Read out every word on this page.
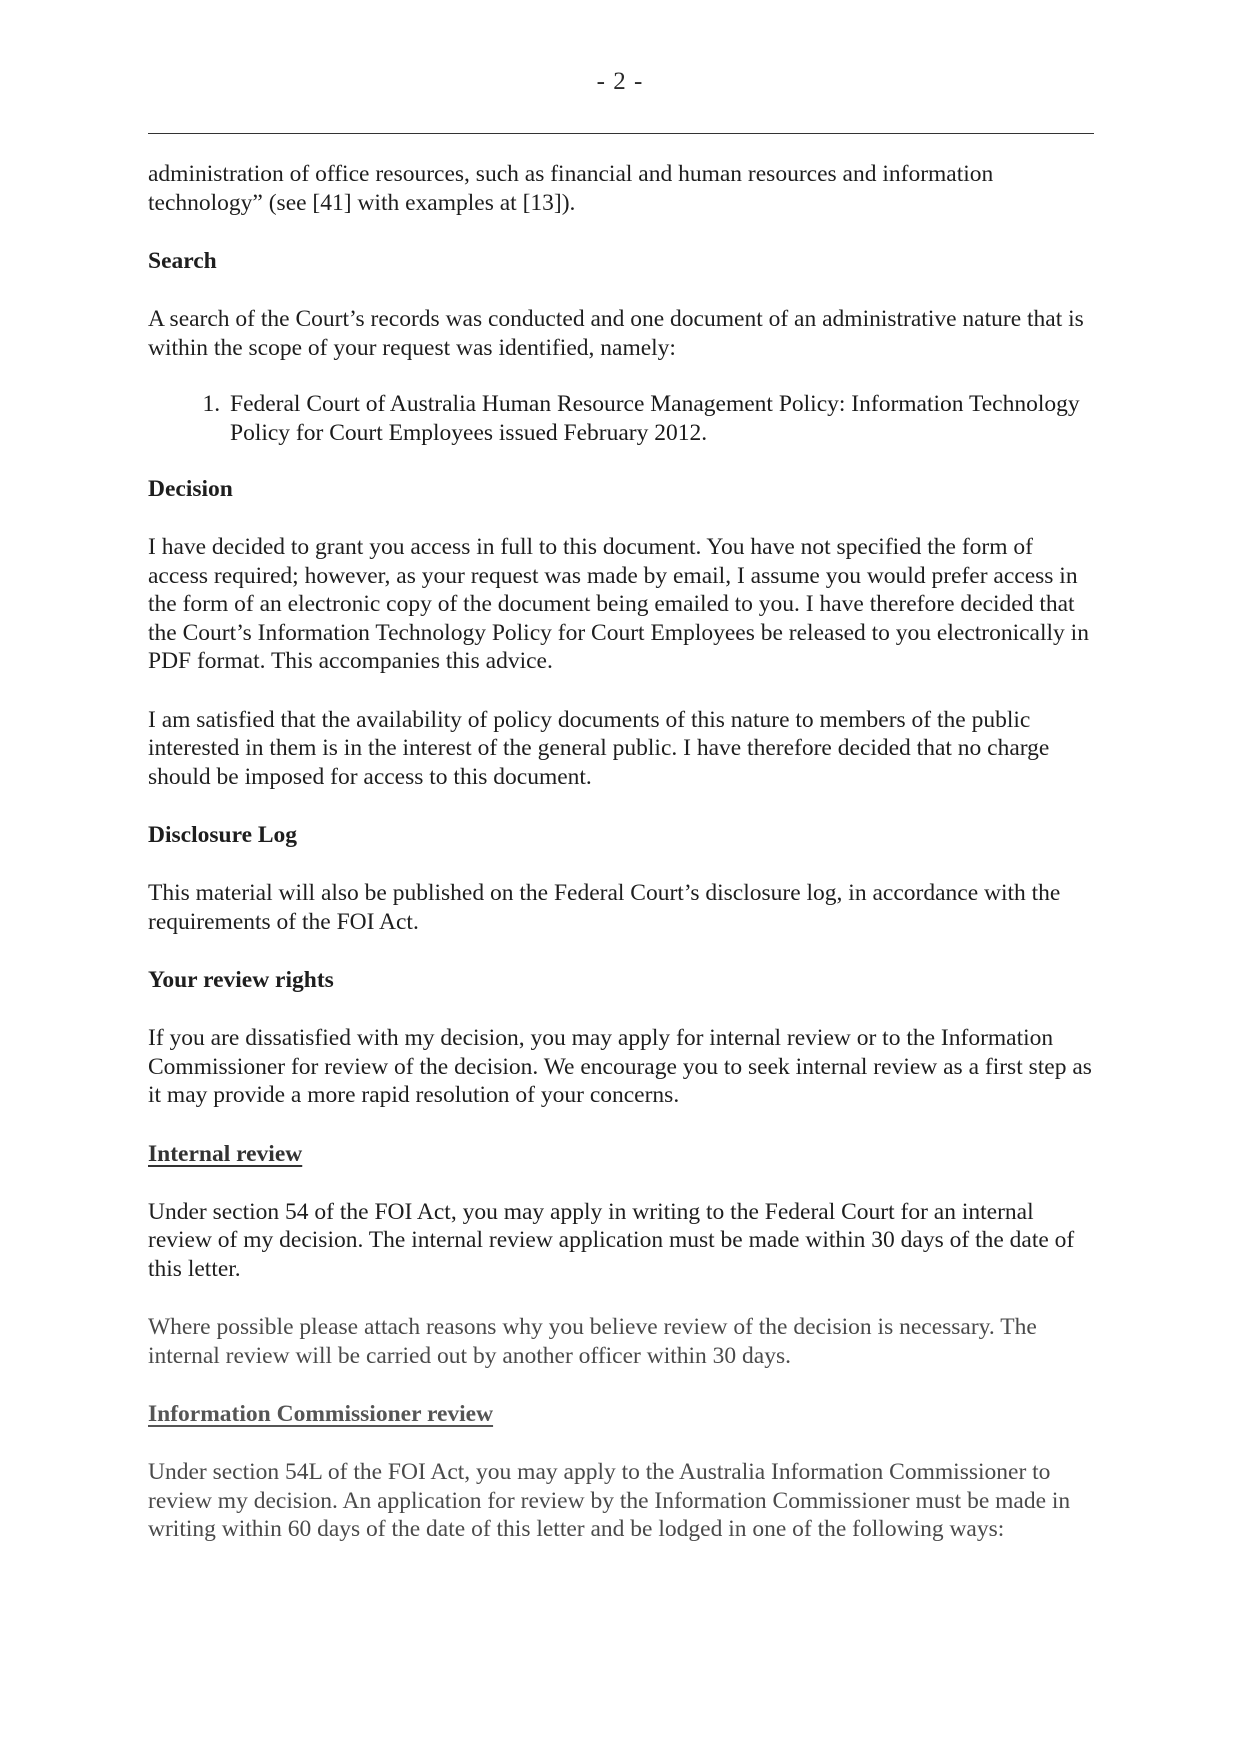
- 2 -

administration of office resources, such as financial and human resources and information technology” (see [41] with examples at [13]).

Search

A search of the Court’s records was conducted and one document of an administrative nature that is within the scope of your request was identified, namely:

1. Federal Court of Australia Human Resource Management Policy: Information Technology Policy for Court Employees issued February 2012.
Decision

I have decided to grant you access in full to this document. You have not specified the form of access required; however, as your request was made by email, I assume you would prefer access in the form of an electronic copy of the document being emailed to you. I have therefore decided that the Court’s Information Technology Policy for Court Employees be released to you electronically in PDF format. This accompanies this advice.

I am satisfied that the availability of policy documents of this nature to members of the public interested in them is in the interest of the general public. I have therefore decided that no charge should be imposed for access to this document.

Disclosure Log

This material will also be published on the Federal Court’s disclosure log, in accordance with the requirements of the FOI Act.

Your review rights

If you are dissatisfied with my decision, you may apply for internal review or to the Information Commissioner for review of the decision. We encourage you to seek internal review as a first step as it may provide a more rapid resolution of your concerns.

Internal review

Under section 54 of the FOI Act, you may apply in writing to the Federal Court for an internal review of my decision. The internal review application must be made within 30 days of the date of this letter.

Where possible please attach reasons why you believe review of the decision is necessary. The internal review will be carried out by another officer within 30 days.

Information Commissioner review

Under section 54L of the FOI Act, you may apply to the Australia Information Commissioner to review my decision. An application for review by the Information Commissioner must be made in writing within 60 days of the date of this letter and be lodged in one of the following ways:
